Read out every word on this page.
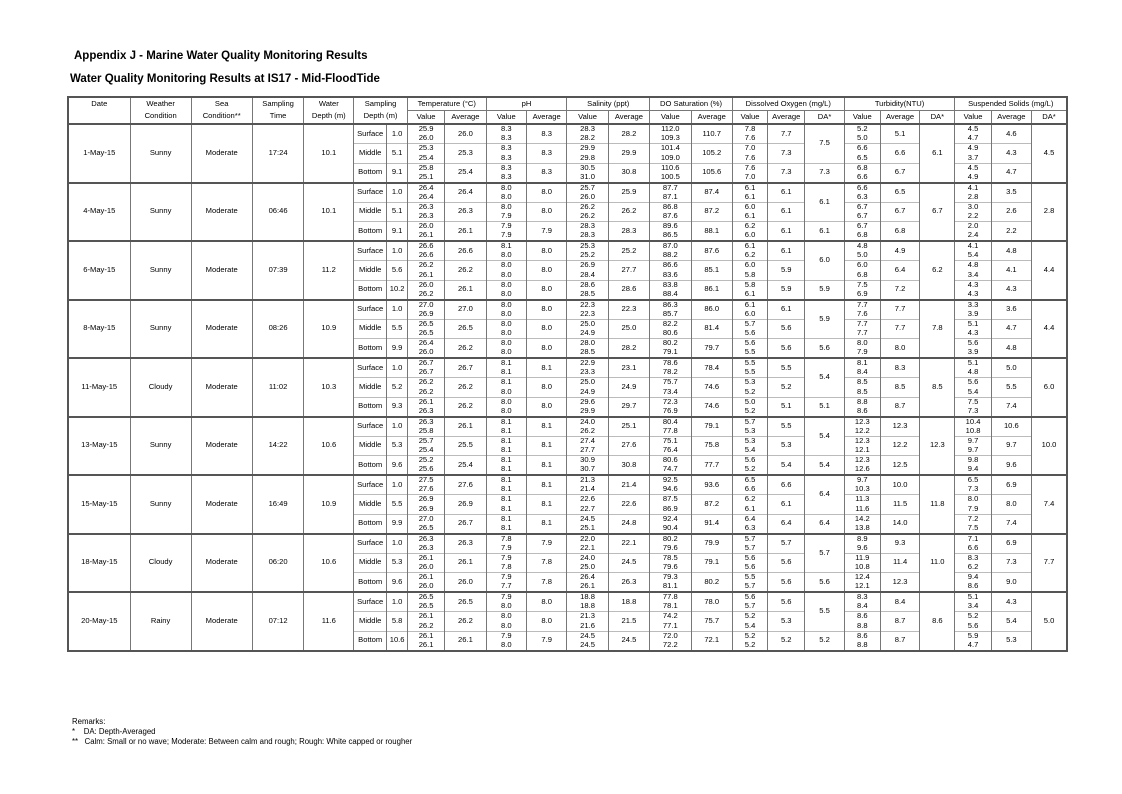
Appendix J - Marine Water Quality Monitoring Results
Water Quality Monitoring Results at IS17 - Mid-FloodTide
Date	Weather	Sea	Sampling	Water	Sampling		Temperature (°C)		pH		Salinity (ppt)		DO Saturation (%)		Dissolved Oxygen (mg/L)			Turbidity(NTU)			Suspended Solids (mg/L)		
	Condition	Condition**	Time	Depth (m)	Depth (m)		Value	Average	Value	Average	Value	Average	Value	Average	Value	Average	DA*	Value	Average	DA*	Value	Average	DA*
1-May-15	Sunny	Moderate	17:24	10.1	Surface	1.0	25.9	26.0	8.3	8.3	28.3	28.2	112.0	110.7	7.8	7.7	7.5	5.2	5.1	6.1	4.5	4.6	4.5
							26.0		8.3		28.2		109.3		7.6			5.0			4.7		
					Middle	5.1	25.3	25.3	8.3	8.3	29.9	29.9	101.4	105.2	7.0	7.3		6.6	6.6		4.9	4.3	
							25.4		8.3		29.8		109.0		7.6			6.5			3.7		
					Bottom	9.1	25.8	25.4	8.3	8.3	30.5	30.8	110.6	105.6	7.6	7.3	7.3	6.8	6.7		4.5	4.7	
							25.1		8.3		31.0		100.5		7.0			6.6			4.9		
4-May-15	Sunny	Moderate	06:46	10.1	Surface	1.0	26.4	26.4	8.0	8.0	25.7	25.9	87.7	87.4	6.1	6.1	6.1	6.6	6.5	6.7	4.1	3.5	2.8
							26.4		8.0		26.0		87.1		6.1			6.3			2.8		
					Middle	5.1	26.3	26.3	8.0	8.0	26.2	26.2	86.8	87.2	6.0	6.1		6.7	6.7		3.0	2.6	
							26.3		7.9		26.2		87.6		6.1			6.7			2.2		
					Bottom	9.1	26.0	26.1	7.9	7.9	28.3	28.3	89.6	88.1	6.2	6.1	6.1	6.7	6.8		2.0	2.2	
							26.1		7.9		28.3		86.5		6.0			6.8			2.4		
6-May-15	Sunny	Moderate	07:39	11.2	Surface	1.0	26.6	26.6	8.1	8.0	25.3	25.2	87.0	87.6	6.1	6.1	6.0	4.8	4.9	6.2	4.1	4.8	4.4
							26.6		8.0		25.2		88.2		6.2			5.0			5.4		
					Middle	5.6	26.2	26.2	8.0	8.0	26.9	27.7	86.6	85.1	6.0	5.9		6.0	6.4		4.8	4.1	
							26.1		8.0		28.4		83.6		5.8			6.8			3.4		
					Bottom	10.2	26.0	26.1	8.0	8.0	28.6	28.6	83.8	86.1	5.8	5.9	5.9	7.5	7.2		4.3	4.3	
							26.2		8.0		28.5		88.4		6.1			6.9			4.3		
8-May-15	Sunny	Moderate	08:26	10.9	Surface	1.0	27.0	27.0	8.0	8.0	22.3	22.3	86.3	86.0	6.1	6.1	5.9	7.7	7.7	7.8	3.3	3.6	4.4
							26.9		8.0		22.3		85.7		6.0			7.6			3.9		
					Middle	5.5	26.5	26.5	8.0	8.0	25.0	25.0	82.2	81.4	5.7	5.6		7.7	7.7		5.1	4.7	
							26.5		8.0		24.9		80.6		5.6			7.7			4.3		
					Bottom	9.9	26.4	26.2	8.0	8.0	28.0	28.2	80.2	79.7	5.6	5.6	5.6	8.0	8.0		5.6	4.8	
							26.0		8.0		28.5		79.1		5.5			7.9			3.9		
11-May-15	Cloudy	Moderate	11:02	10.3	Surface	1.0	26.7	26.7	8.1	8.1	22.9	23.1	78.6	78.4	5.5	5.5	5.4	8.1	8.3	8.5	5.1	5.0	6.0
							26.7		8.1		23.3		78.2		5.5			8.4			4.8		
					Middle	5.2	26.2	26.2	8.1	8.0	25.0	24.9	75.7	74.6	5.3	5.2		8.5	8.5		5.6	5.5	
							26.2		8.0		24.9		73.4		5.2			8.5			5.4		
					Bottom	9.3	26.1	26.2	8.0	8.0	29.6	29.7	72.3	74.6	5.0	5.1	5.1	8.8	8.7		7.5	7.4	
							26.3		8.0		29.9		76.9		5.2			8.6			7.3		
13-May-15	Sunny	Moderate	14:22	10.6	Surface	1.0	26.3	26.1	8.1	8.1	24.0	25.1	80.4	79.1	5.7	5.5	5.4	12.3	12.3	12.3	10.4	10.6	10.0
							25.8		8.1		26.2		77.8		5.3			12.2			10.8		
					Middle	5.3	25.7	25.5	8.1	8.1	27.4	27.6	75.1	75.8	5.3	5.3		12.3	12.2		9.7	9.7	
							25.4		8.1		27.7		76.4		5.4			12.1			9.7		
					Bottom	9.6	25.2	25.4	8.1	8.1	30.9	30.8	80.6	77.7	5.6	5.4	5.4	12.3	12.5		9.8	9.6	
							25.6		8.1		30.7		74.7		5.2			12.6			9.4		
15-May-15	Sunny	Moderate	16:49	10.9	Surface	1.0	27.5	27.6	8.1	8.1	21.3	21.4	92.5	93.6	6.5	6.6	6.4	9.7	10.0	11.8	6.5	6.9	7.4
							27.6		8.1		21.4		94.6		6.6			10.3			7.3		
					Middle	5.5	26.9	26.9	8.1	8.1	22.6	22.6	87.5	87.2	6.2	6.1		11.3	11.5		8.0	8.0	
							26.9		8.1		22.7		86.9		6.1			11.6			7.9		
					Bottom	9.9	27.0	26.7	8.1	8.1	24.5	24.8	92.4	91.4	6.4	6.4	6.4	14.2	14.0		7.2	7.4	
							26.5		8.1		25.1		90.4		6.3			13.8			7.5		
18-May-15	Cloudy	Moderate	06:20	10.6	Surface	1.0	26.3	26.3	7.8	7.9	22.0	22.1	80.2	79.9	5.7	5.7	5.7	8.9	9.3	11.0	7.1	6.9	7.7
							26.3		7.9		22.1		79.6		5.7			9.6			6.6		
					Middle	5.3	26.1	26.1	7.9	7.8	24.0	24.5	78.5	79.1	5.6	5.6		11.9	11.4		8.3	7.3	
							26.0		7.8		25.0		79.6		5.6			10.8			6.2		
					Bottom	9.6	26.1	26.0	7.9	7.8	26.4	26.3	79.3	80.2	5.5	5.6	5.6	12.4	12.3		9.4	9.0	
							26.0		7.7		26.1		81.1		5.7			12.1			8.6		
20-May-15	Rainy	Moderate	07:12	11.6	Surface	1.0	26.5	26.5	7.9	8.0	18.8	18.8	77.8	78.0	5.6	5.6	5.5	8.3	8.4	8.6	5.1	4.3	5.0
							26.5		8.0		18.8		78.1		5.7			8.4			3.4		
					Middle	5.8	26.1	26.2	8.0	8.0	21.3	21.5	74.2	75.7	5.2	5.3		8.6	8.7		5.2	5.4	
							26.2		8.0		21.6		77.1		5.4			8.8			5.6		
					Bottom	10.6	26.1	26.1	7.9	7.9	24.5	24.5	72.0	72.1	5.2	5.2	5.2	8.6	8.7		5.9	5.3	
							26.1		8.0		24.5		72.2		5.2			8.8			4.7		
Remarks:
*    DA: Depth-Averaged
**   Calm: Small or no wave; Moderate: Between calm and rough; Rough: White capped or rougher
